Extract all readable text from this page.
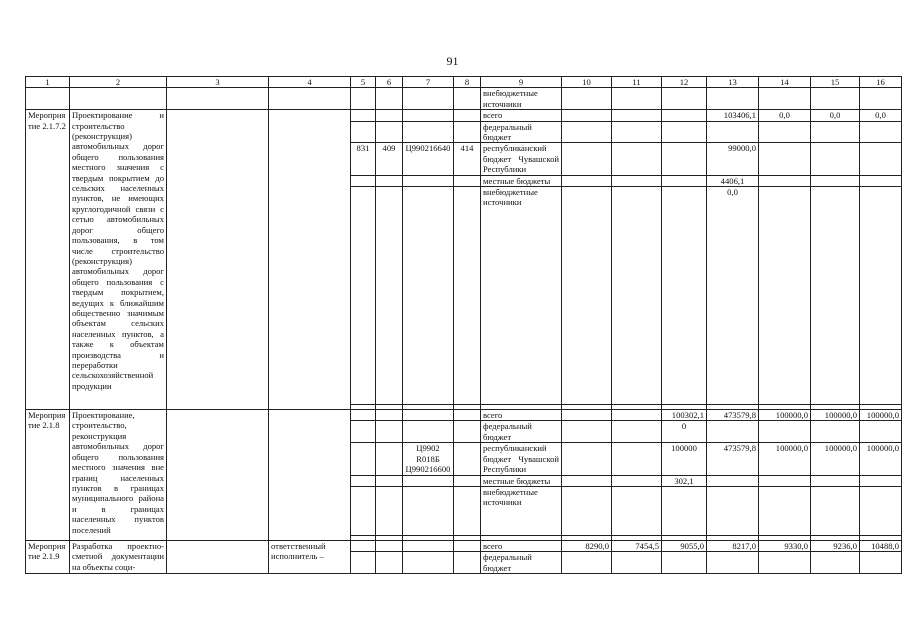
91
1	2	3	4	5	6	7	8	9	10	11	12	13	14	15	16
								внебюджетные источники							
Мероприятие 2.1.7.2	Проектирование и строительство (реконструкция) автомобильных дорог общего пользования местного значения с твердым покрытием до сельских населенных пунктов, не имеющих круглогодичной связи с сетью автомобильных дорог общего пользования, в том числе строительство (реконструкция) автомобильных дорог общего пользования с твердым покрытием, ведущих к ближайшим общественно значимым объектам сельских населенных пунктов, а также к объектам производства и переработки сельскохозяйственной продукции							всего				103406,1	0,0	0,0	0,0
								федеральный бюджет							
				831	409	Ц990216640	414	республиканский бюджет Чувашской Республики				99000,0			
								местные бюджеты				4406,1			
								внебюджетные источники				0,0			

Мероприятие 2.1.8	Проектирование, строительство, реконструкция автомобильных дорог общего пользования местного значения вне границ населенных пунктов в границах муниципального района и в границах населенных пунктов поселений							всего			100302,1	473579,8	100000,0	100000,0	100000,0
								федеральный бюджет			0				
						Ц9902 R018Б Ц990216600		республиканский бюджет Чувашской Республики			100000	473579,8	100000,0	100000,0	100000,0
								местные бюджеты			302,1				
								внебюджетные источники							

Мероприятие 2.1.9	Разработка проектно-сметной документации на объекты соци-		ответственный исполнитель –					всего	8290,0	7454,5	9055,0	8217,0	9330,0	9236,0	10488,0
								федеральный бюджет							
